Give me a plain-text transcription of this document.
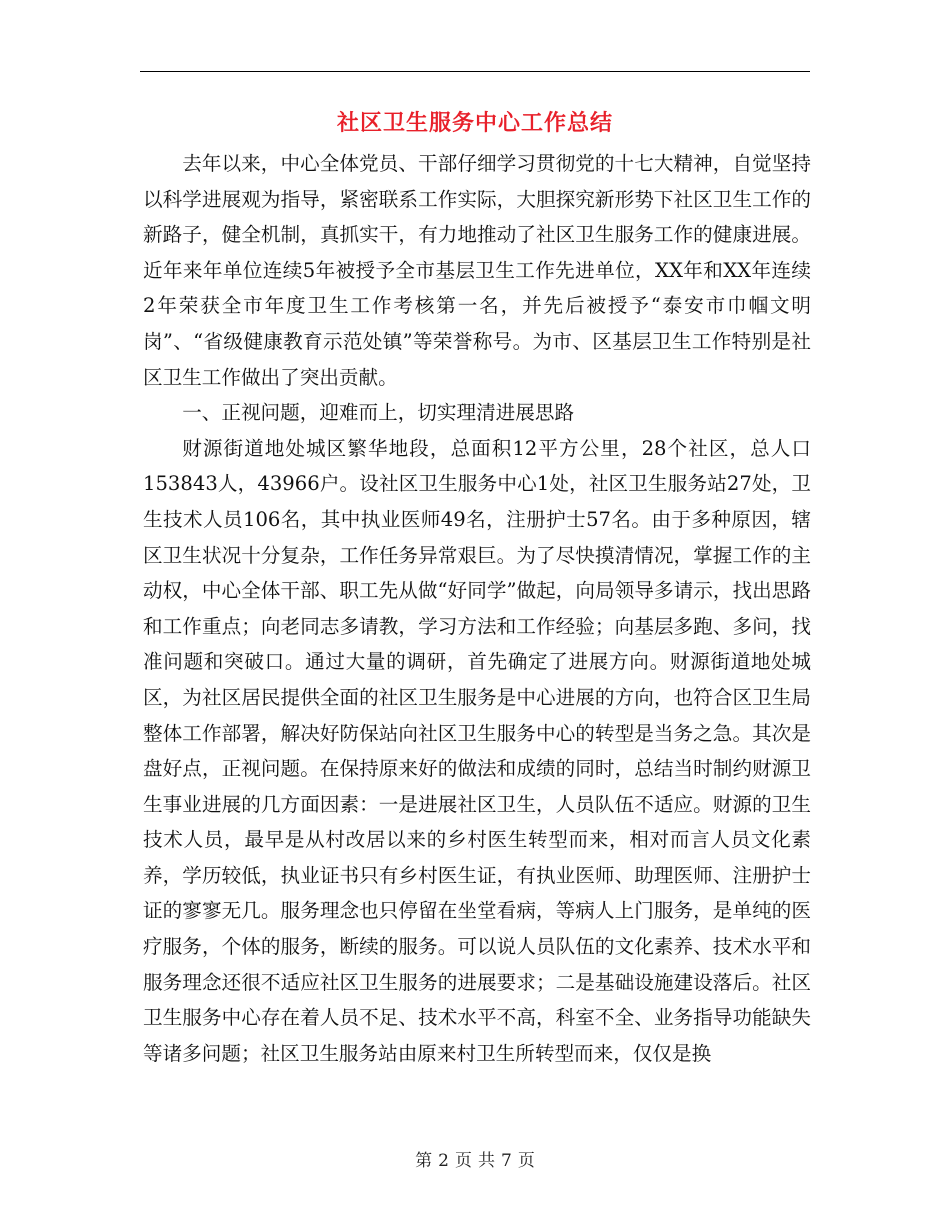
社区卫生服务中心工作总结

去年以来，中心全体党员、干部仔细学习贯彻党的十七大精神，自觉坚持以科学进展观为指导，紧密联系工作实际，大胆探究新形势下社区卫生工作的新路子，健全机制，真抓实干，有力地推动了社区卫生服务工作的健康进展。近年来年单位连续5年被授予全市基层卫生工作先进单位，XX年和XX年连续2年荣获全市年度卫生工作考核第一名，并先后被授予“泰安市巾帼文明岗”、“省级健康教育示范处镇”等荣誉称号。为市、区基层卫生工作特别是社区卫生工作做出了突出贡献。

一、正视问题，迎难而上，切实理清进展思路

财源街道地处城区繁华地段，总面积12平方公里，28个社区，总人口153843人，43966户。设社区卫生服务中心1处，社区卫生服务站27处，卫生技术人员106名，其中执业医师49名，注册护士57名。由于多种原因，辖区卫生状况十分复杂，工作任务异常艰巨。为了尽快摸清情况，掌握工作的主动权，中心全体干部、职工先从做“好同学”做起，向局领导多请示，找出思路和工作重点；向老同志多请教，学习方法和工作经验；向基层多跑、多问，找准问题和突破口。通过大量的调研，首先确定了进展方向。财源街道地处城区，为社区居民提供全面的社区卫生服务是中心进展的方向，也符合区卫生局整体工作部署，解决好防保站向社区卫生服务中心的转型是当务之急。其次是盘好点，正视问题。在保持原来好的做法和成绩的同时，总结当时制约财源卫生事业进展的几方面因素：一是进展社区卫生，人员队伍不适应。财源的卫生技术人员，最早是从村改居以来的乡村医生转型而来，相对而言人员文化素养，学历较低，执业证书只有乡村医生证，有执业医师、助理医师、注册护士证的寥寥无几。服务理念也只停留在坐堂看病，等病人上门服务，是单纯的医疗服务，个体的服务，断续的服务。可以说人员队伍的文化素养、技术水平和服务理念还很不适应社区卫生服务的进展要求；二是基础设施建设落后。社区卫生服务中心存在着人员不足、技术水平不高，科室不全、业务指导功能缺失等诸多问题；社区卫生服务站由原来村卫生所转型而来，仅仅是换

第 2 页 共 7 页
